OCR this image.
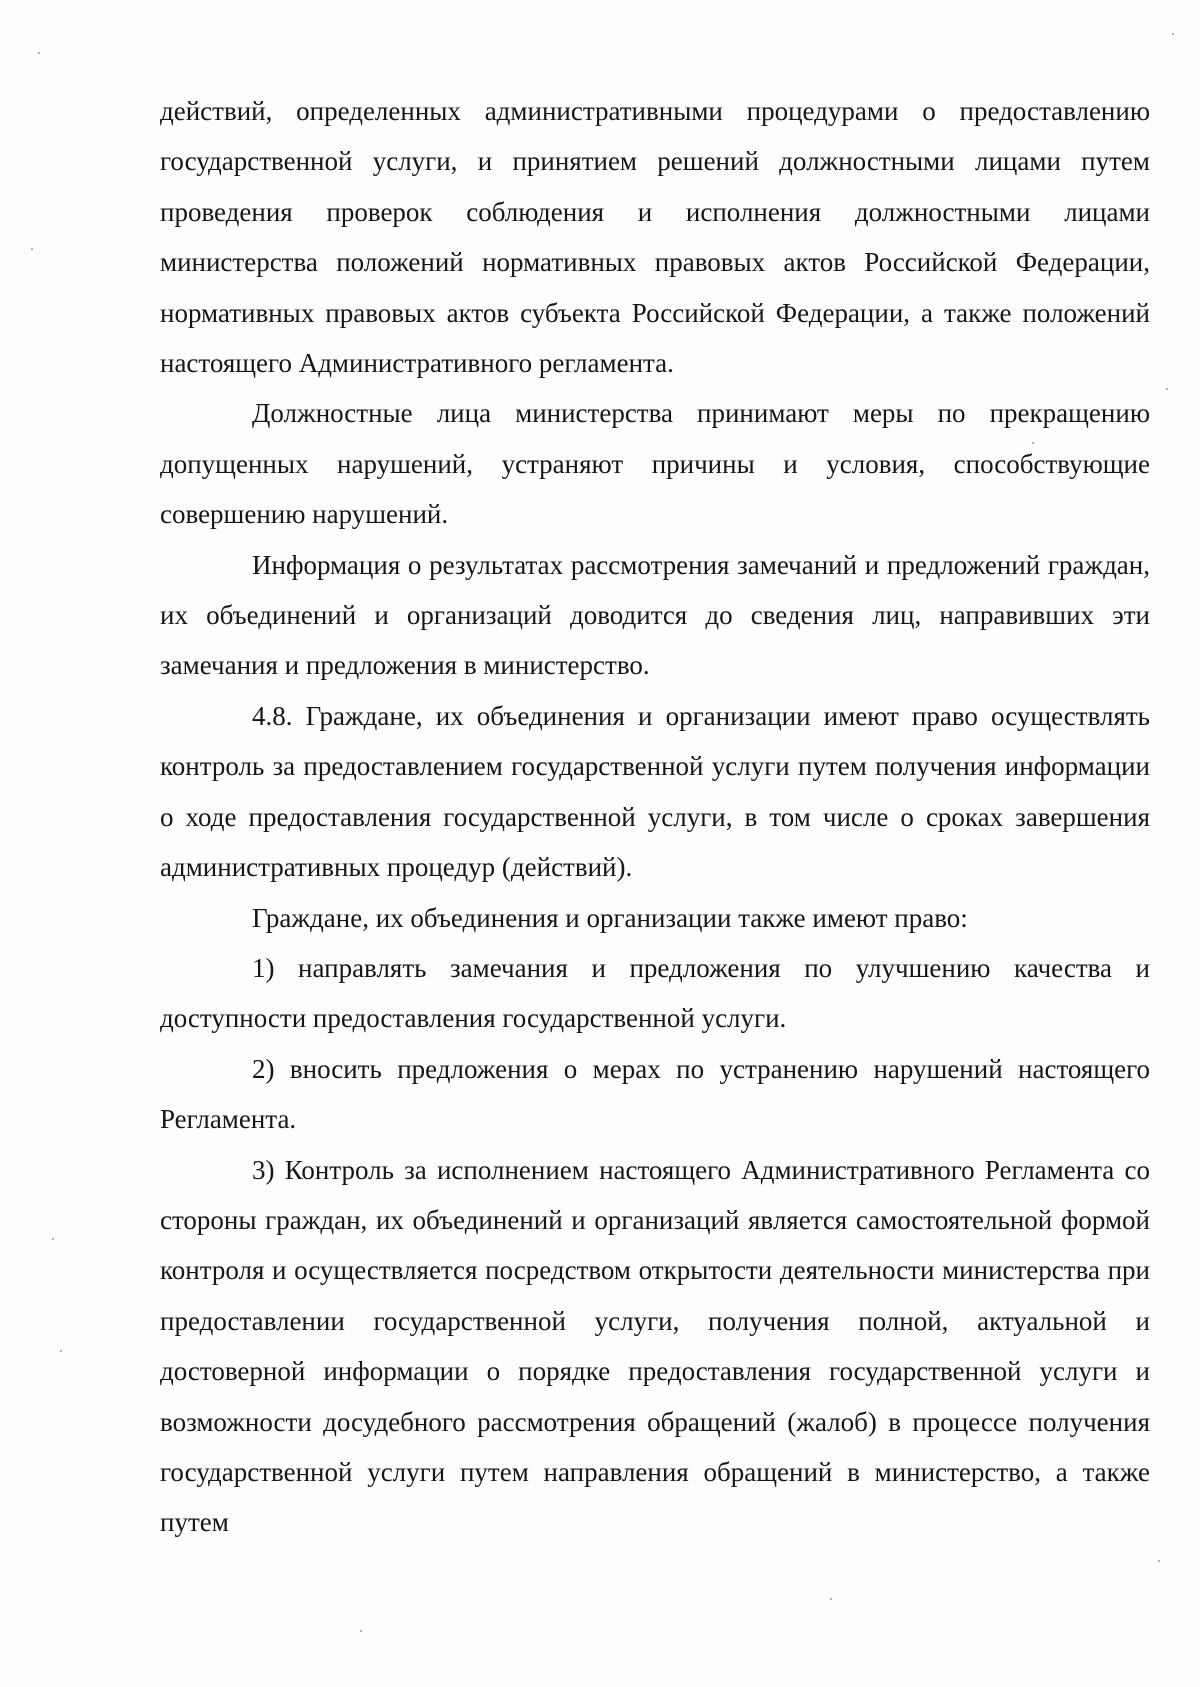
действий, определенных административными процедурами о предоставлению государственной услуги, и принятием решений должностными лицами путем проведения проверок соблюдения и исполнения должностными лицами министерства положений нормативных правовых актов Российской Федерации, нормативных правовых актов субъекта Российской Федерации, а также положений настоящего Административного регламента.

Должностные лица министерства принимают меры по прекращению допущенных нарушений, устраняют причины и условия, способствующие совершению нарушений.

Информация о результатах рассмотрения замечаний и предложений граждан, их объединений и организаций доводится до сведения лиц, направивших эти замечания и предложения в министерство.

4.8. Граждане, их объединения и организации имеют право осуществлять контроль за предоставлением государственной услуги путем получения информации о ходе предоставления государственной услуги, в том числе о сроках завершения административных процедур (действий).

Граждане, их объединения и организации также имеют право:

1) направлять замечания и предложения по улучшению качества и доступности предоставления государственной услуги.

2) вносить предложения о мерах по устранению нарушений настоящего Регламента.

3) Контроль за исполнением настоящего Административного Регламента со стороны граждан, их объединений и организаций является самостоятельной формой контроля и осуществляется посредством открытости деятельности министерства при предоставлении государственной услуги, получения полной, актуальной и достоверной информации о порядке предоставления государственной услуги и возможности досудебного рассмотрения обращений (жалоб) в процессе получения государственной услуги путем направления обращений в министерство, а также путем
